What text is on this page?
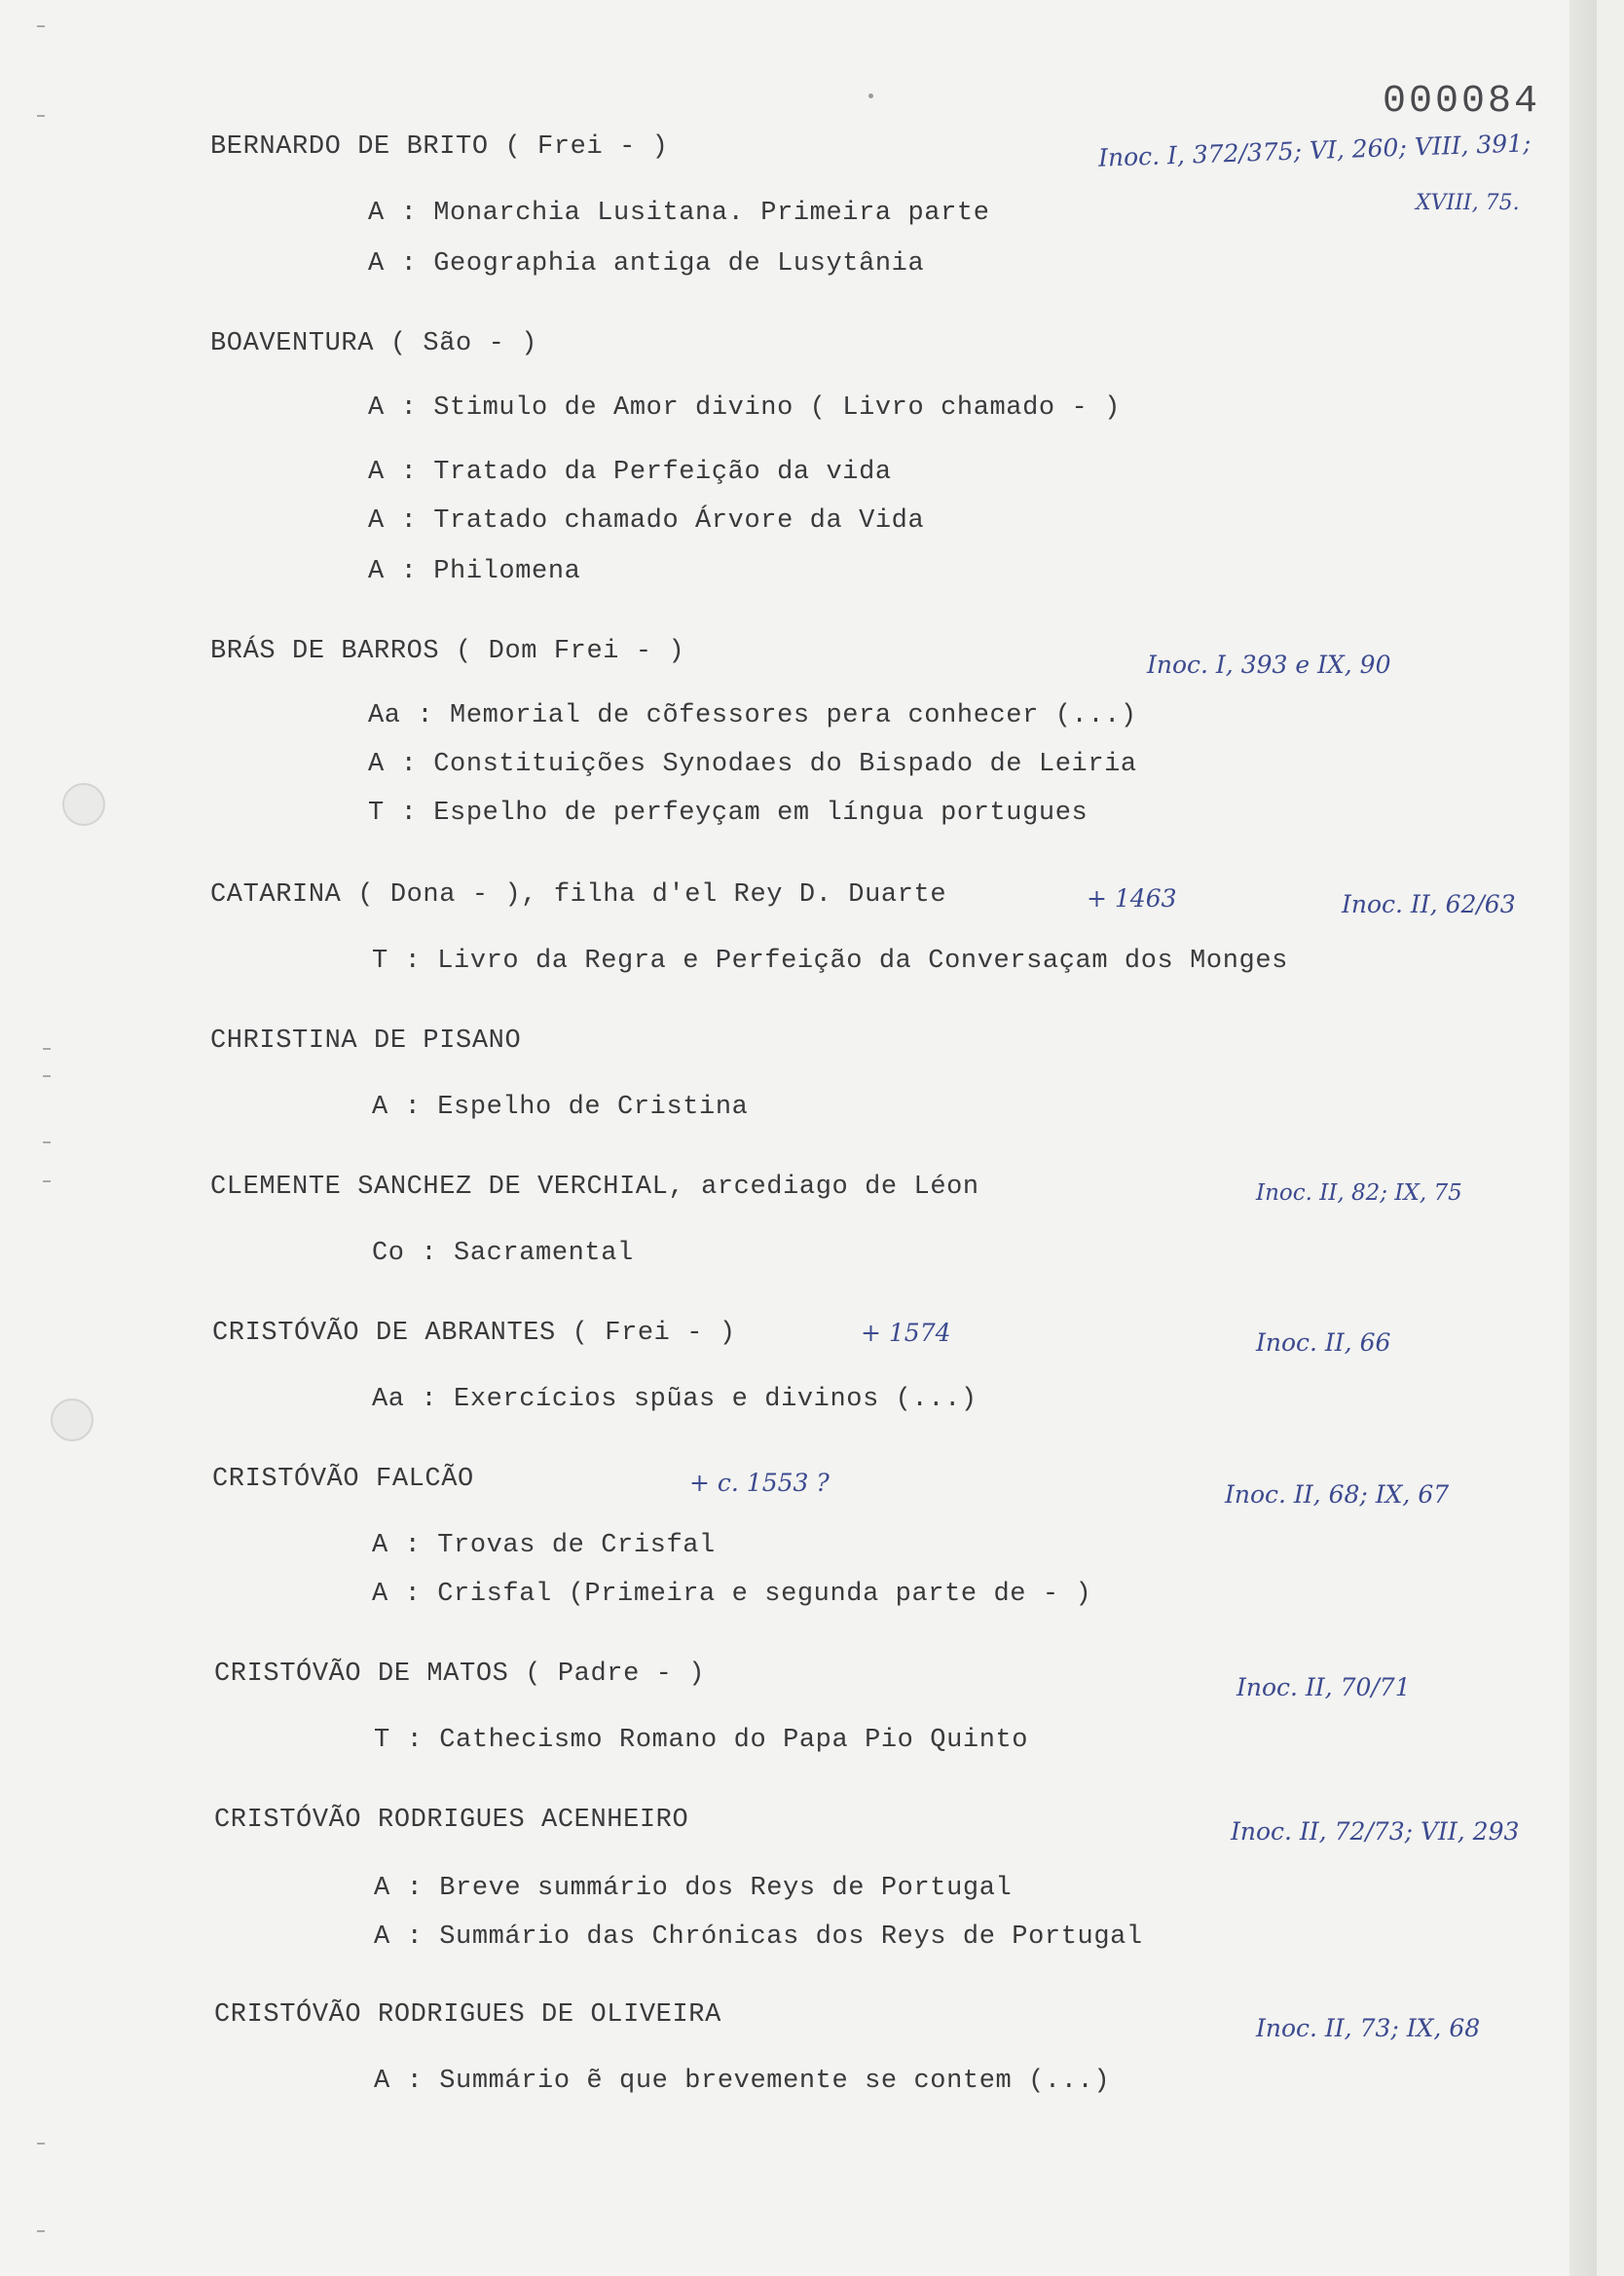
000084
BERNARDO DE BRITO ( Frei - )	Inoc. I, 372/375; VI, 260; VIII, 391;
XVIII, 75.
A : Monarchia Lusitana. Primeira parte
A : Geographia antiga de Lusytânia
BOAVENTURA ( São - )
A : Stimulo de Amor divino ( Livro chamado - )
A : Tratado da Perfeição da vida
A : Tratado chamado Árvore da Vida
A : Philomena
BRÁS DE BARROS ( Dom Frei - )	Inoc. I, 393 e IX, 90
Aa : Memorial de cõfessores pera conhecer (...)
A : Constituições Synodaes do Bispado de Leiria
T : Espelho de perfeyçam em língua portugues
CATARINA ( Dona - ), filha d'el Rey D. Duarte	+ 1463	Inoc. II, 62/63
T : Livro da Regra e Perfeição da Conversaçam dos Monges
CHRISTINA DE PISANO
A : Espelho de Cristina
CLEMENTE SANCHEZ DE VERCHIAL, arcediago de Léon	Inoc. II, 82; IX, 75
Co : Sacramental
CRISTÓVÃO DE ABRANTES ( Frei - )	+ 1574	Inoc. II, 66
Aa : Exercícios spũas e divinos (...)
CRISTÓVÃO FALCÃO	+ c. 1553 ?	Inoc. II, 68; IX, 67
A : Trovas de Crisfal
A : Crisfal (Primeira e segunda parte de - )
CRISTÓVÃO DE MATOS ( Padre - )	Inoc. II, 70/71
T : Cathecismo Romano do Papa Pio Quinto
CRISTÓVÃO RODRIGUES ACENHEIRO	Inoc. II, 72/73; VII, 293
A : Breve summário dos Reys de Portugal
A : Summário das Chrónicas dos Reys de Portugal
CRISTÓVÃO RODRIGUES DE OLIVEIRA	Inoc. II, 73; IX, 68
A : Summário ẽ que brevemente se contem (...)
